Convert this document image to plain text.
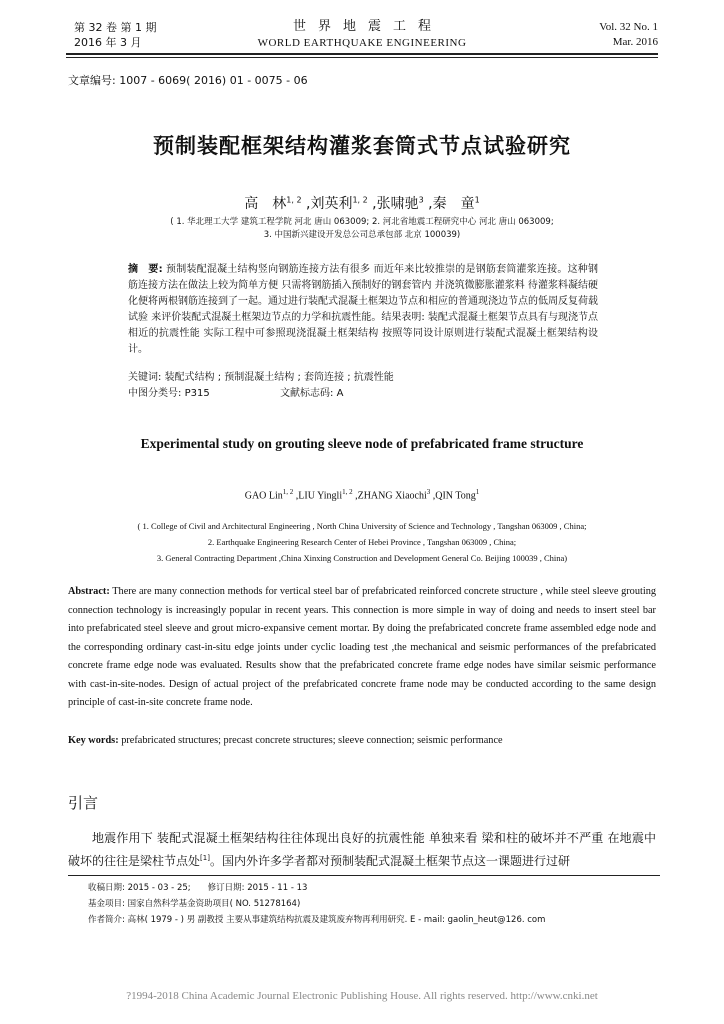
第 32 卷 第 1 期
2016 年 3 月
世界地震工程
WORLD EARTHQUAKE ENGINEERING
Vol. 32 No. 1
Mar. 2016
文章编号: 1007 - 6069( 2016) 01 - 0075 - 06
预制装配框架结构灌浆套筒式节点试验研究
高　林$^{1, 2}$ ,刘英利$^{1, 2}$ ,张啸驰$^3$ ,秦　童$^1$
( 1. 华北理工大学 建筑工程学院 河北 唐山 063009; 2. 河北省地震工程研究中心 河北 唐山 063009;
3. 中国新兴建设开发总公司总承包部 北京 100039)
摘　要: 预制装配混凝土结构竖向钢筋连接方法有很多 而近年来比较推崇的是钢筋套筒灌浆连接。这种钢筋连接方法在做法上较为简单方便 只需将钢筋插入预制好的钢套管内 并浇筑微膨胀灌浆料 待灌浆料凝结硬化便将两根钢筋连接到了一起。通过进行装配式混凝土框架边节点和相应的普通现浇边节点的低周反复荷载试验 来评价装配式混凝土框架边节点的力学和抗震性能。结果表明: 装配式混凝土框架节点具有与现浇节点相近的抗震性能 实际工程中可参照现浇混凝土框架结构 按照等同设计原则进行装配式混凝土框架结构设计。
关键词: 装配式结构 ; 预制混凝土结构 ; 套筒连接 ; 抗震性能
中图分类号: P315	文献标志码: A
Experimental study on grouting sleeve node of prefabricated frame structure
GAO Lin$^{1, 2}$ ,LIU Yingli$^{1, 2}$ ,ZHANG Xiaochi$^3$ ,QIN Tong$^1$
( 1. College of Civil and Architectural Engineering , North China University of Science and Technology , Tangshan 063009 , China;
2. Earthquake Engineering Research Center of Hebei Province , Tangshan 063009 , China;
3. General Contracting Department ,China Xinxing Construction and Development General Co. Beijing 100039 , China)
Abstract: There are many connection methods for vertical steel bar of prefabricated reinforced concrete structure , while steel sleeve grouting connection technology is increasingly popular in recent years. This connection is more simple in way of doing and needs to insert steel bar into prefabricated steel sleeve and grout micro-expansive cement mortar. By doing the prefabricated concrete frame assembled edge node and the corresponding ordinary cast-in-situ edge joints under cyclic loading test ,the mechanical and seismic performances of the prefabricated concrete frame edge node was evaluated. Results show that the prefabricated concrete frame edge nodes have similar seismic performance with cast-in-site-nodes. Design of actual project of the prefabricated concrete frame node may be conducted according to the same design principle of cast-in-site concrete frame node.
Key words: prefabricated structures; precast concrete structures; sleeve connection; seismic performance
引言
地震作用下 装配式混凝土框架结构往往体现出良好的抗震性能 单独来看 梁和柱的破坏并不严重 在地震中破坏的往往是梁柱节点处[1]。国内外许多学者都对预制装配式混凝土框架节点这一课题进行过研
收稿日期: 2015 - 03 - 25;　　修订日期: 2015 - 11 - 13
基金项目: 国家自然科学基金资助项目( NO. 51278164)
作者简介: 高林( 1979 - ) 男 副教授 主要从事建筑结构抗震及建筑废弃物再利用研究. E - mail: gaolin_heut@126. com
?1994-2018 China Academic Journal Electronic Publishing House. All rights reserved. http://www.cnki.net
